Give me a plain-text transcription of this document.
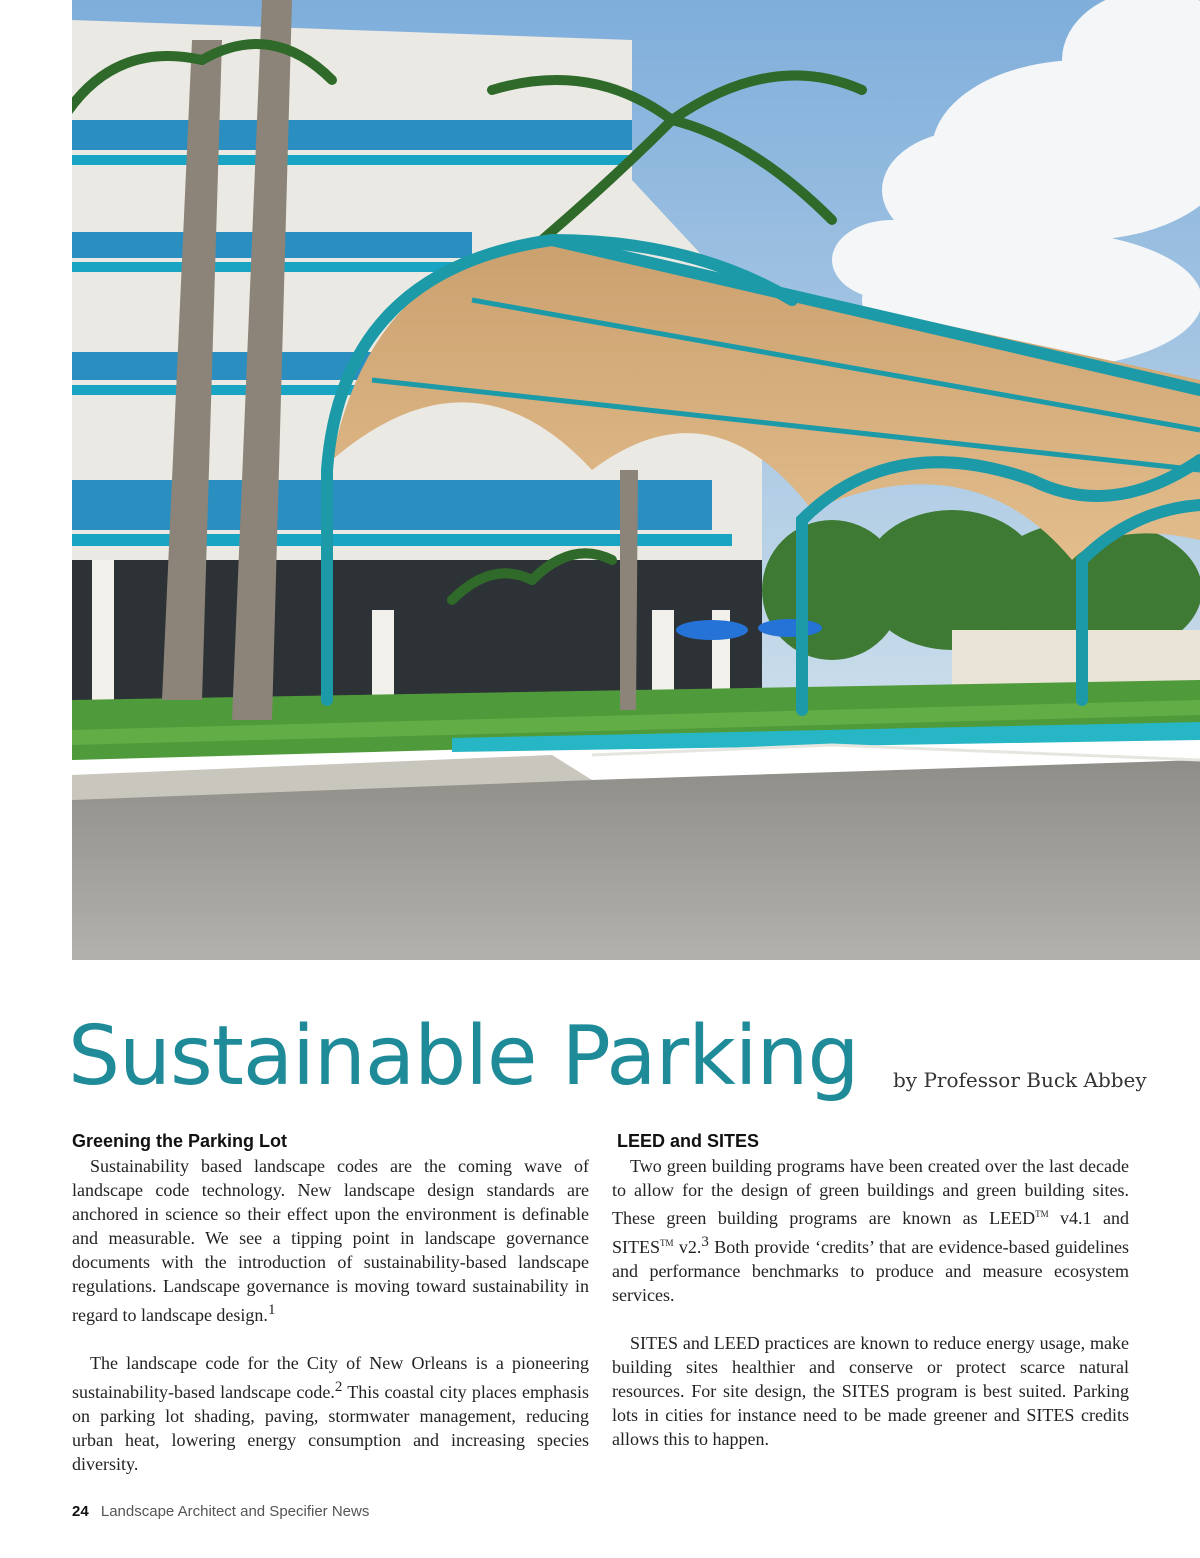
Sustainable Parking by Professor Buck Abbey
Greening the Parking Lot

Sustainability based landscape codes are the coming wave of landscape code technology. New landscape design standards are anchored in science so their effect upon the environment is definable and measurable. We see a tipping point in landscape governance documents with the introduction of sustainability-based landscape regulations. Landscape governance is moving toward sustainability in regard to landscape design.$^1$

The landscape code for the City of New Orleans is a pioneering sustainability-based landscape code.$^2$ This coastal city places emphasis on parking lot shading, paving, stormwater management, reducing urban heat, lowering energy consumption and increasing species diversity.

LEED and SITES

Two green building programs have been created over the last decade to allow for the design of green buildings and green building sites. These green building programs are known as LEED™ v4.1 and SITES™ v2.$^3$ Both provide ‘credits’ that are evidence-based guidelines and performance benchmarks to produce and measure ecosystem services.

SITES and LEED practices are known to reduce energy usage, make building sites healthier and conserve or protect scarce natural resources. For site design, the SITES program is best suited. Parking lots in cities for instance need to be made greener and SITES credits allows this to happen.

24 Landscape Architect and Specifier News
